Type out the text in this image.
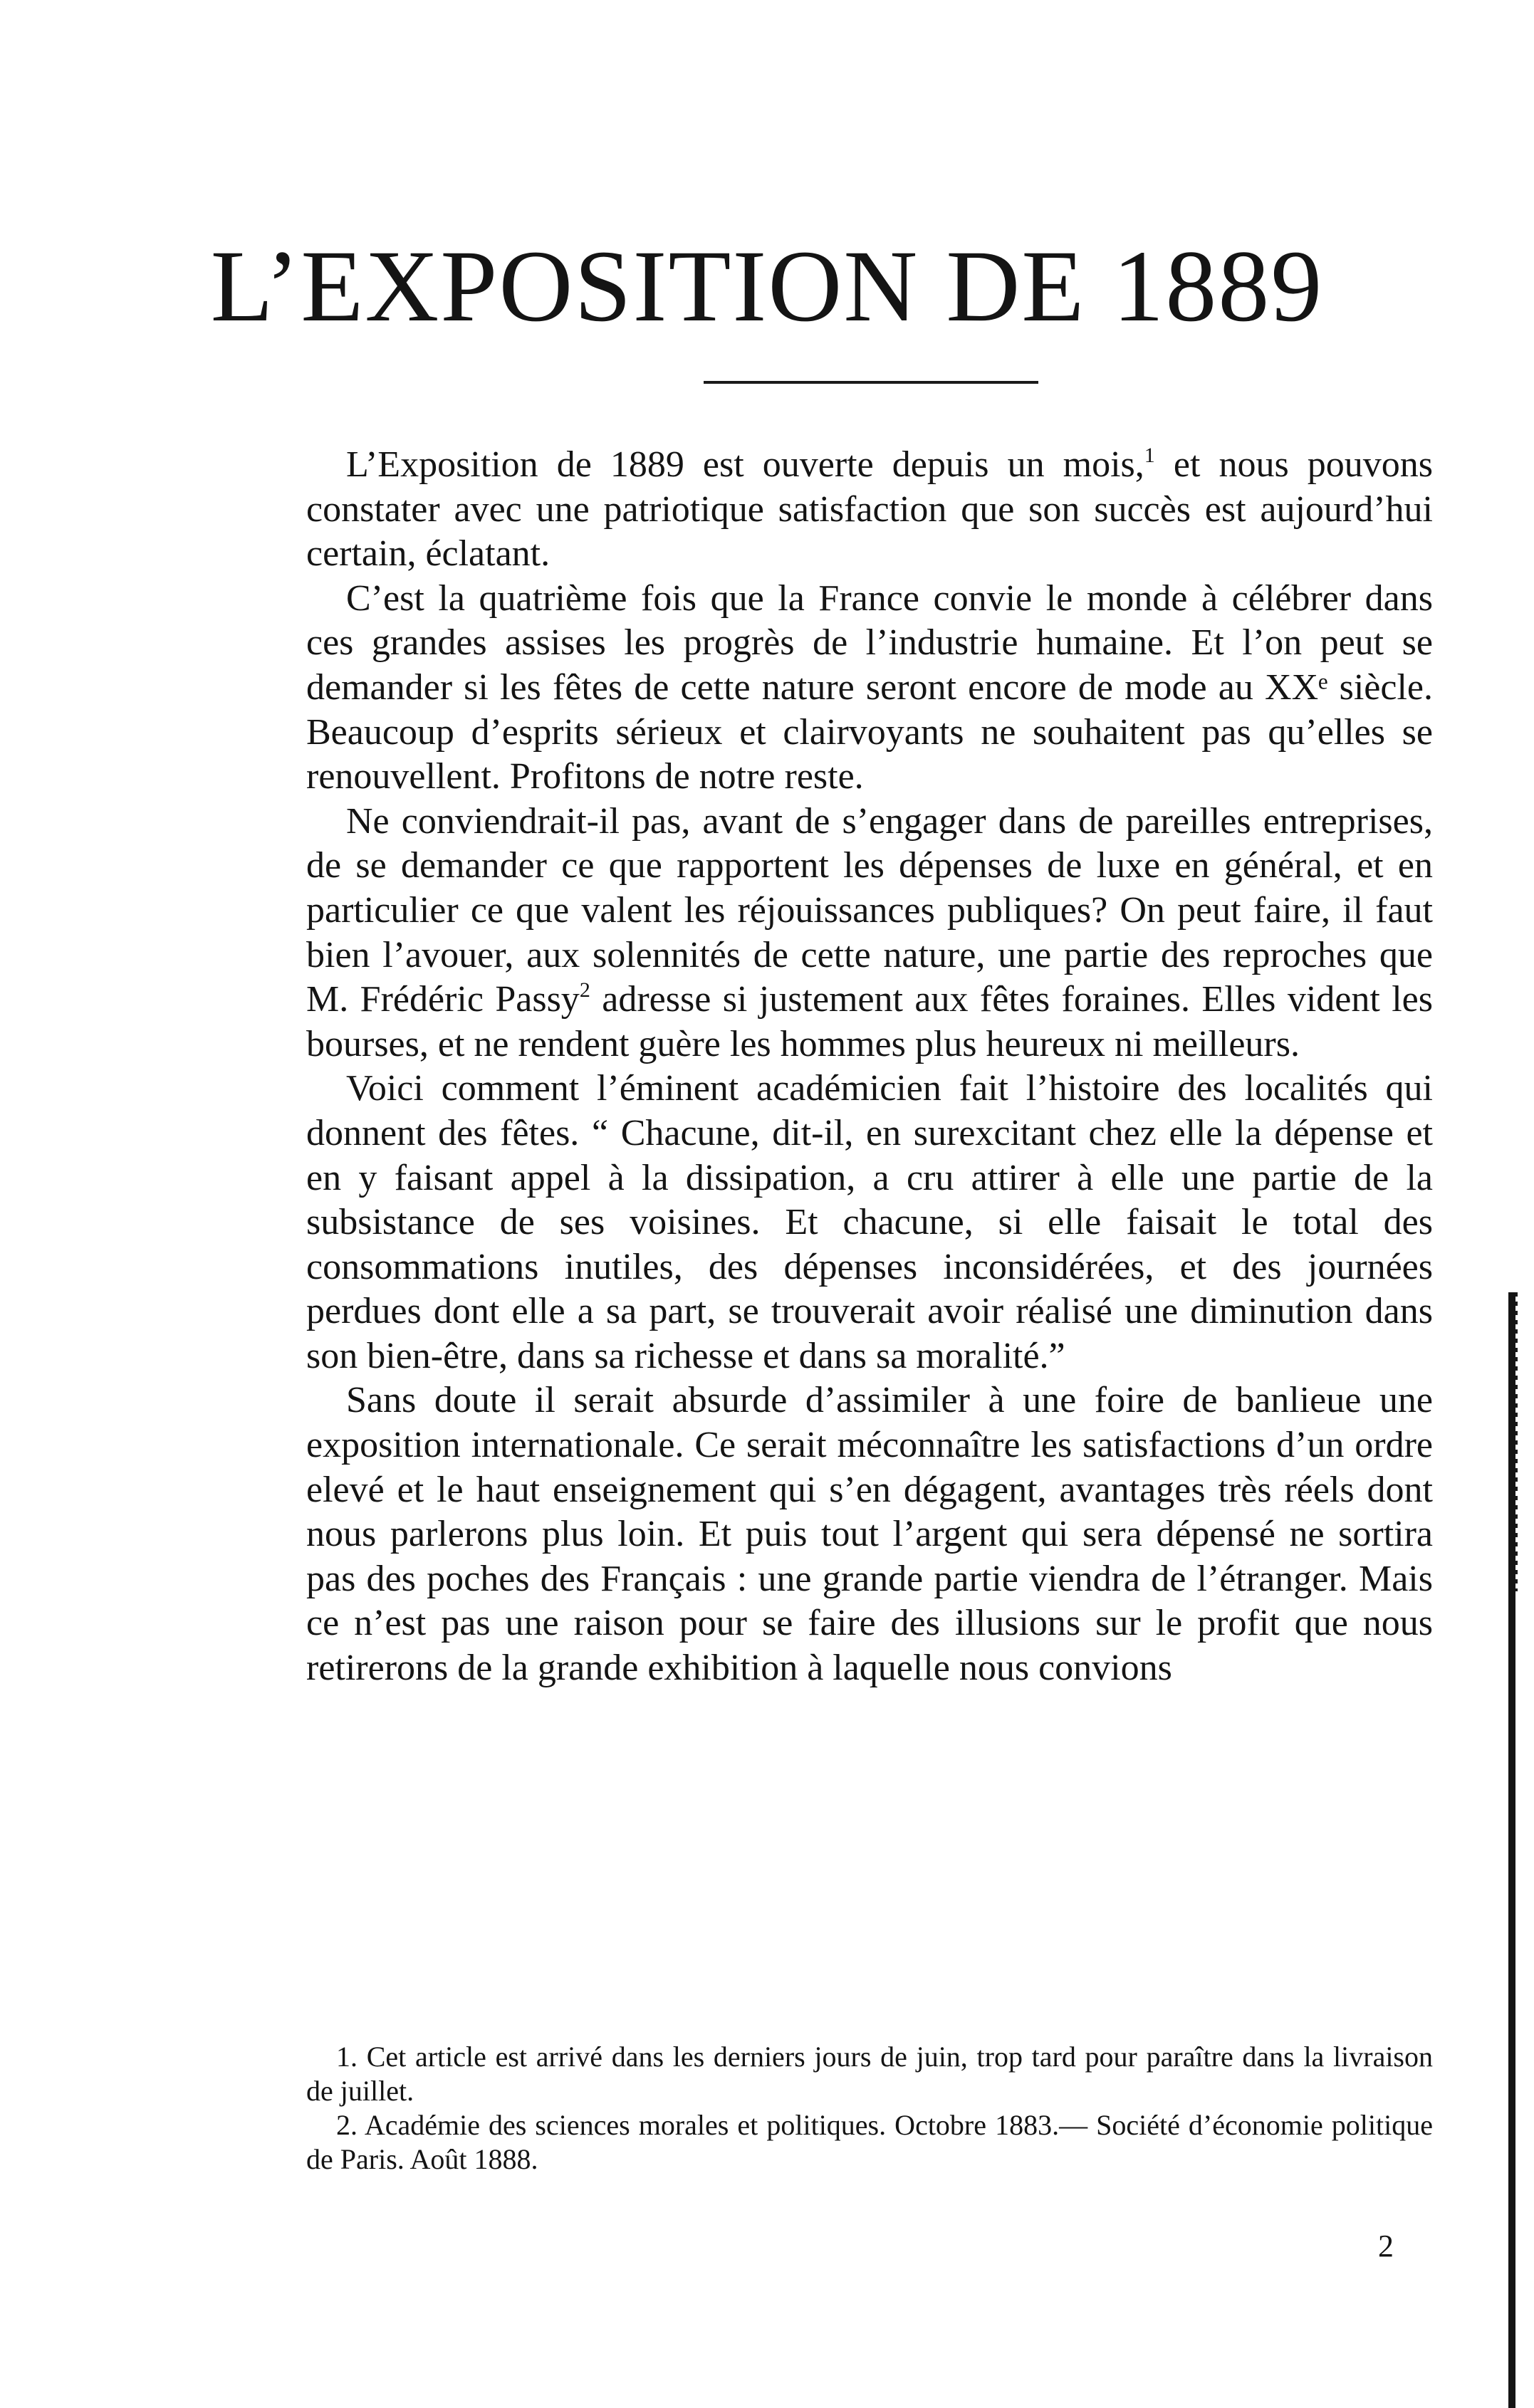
L’EXPOSITION DE 1889

L’Exposition de 1889 est ouverte depuis un mois,$^1$ et nous pouvons constater avec une patriotique satisfaction que son succès est aujourd’hui certain, éclatant.

C’est la quatrième fois que la France convie le monde à célébrer dans ces grandes assises les progrès de l’industrie humaine. Et l’on peut se demander si les fêtes de cette nature seront encore de mode au XXᵉ siècle. Beaucoup d’esprits sérieux et clairvoyants ne souhaitent pas qu’elles se renouvellent. Profitons de notre reste.

Ne conviendrait-il pas, avant de s’engager dans de pareilles entreprises, de se demander ce que rapportent les dépenses de luxe en général, et en particulier ce que valent les réjouissances publiques? On peut faire, il faut bien l’avouer, aux solennités de cette nature, une partie des reproches que M. Frédéric Passy$^2$ adresse si justement aux fêtes foraines. Elles vident les bourses, et ne rendent guère les hommes plus heureux ni meilleurs.

Voici comment l’éminent académicien fait l’histoire des localités qui donnent des fêtes. “ Chacune, dit-il, en surexcitant chez elle la dépense et en y faisant appel à la dissipation, a cru attirer à elle une partie de la subsistance de ses voisines. Et chacune, si elle faisait le total des consommations inutiles, des dépenses inconsidérées, et des journées perdues dont elle a sa part, se trouverait avoir réalisé une diminution dans son bien-être, dans sa richesse et dans sa moralité.”

Sans doute il serait absurde d’assimiler à une foire de banlieue une exposition internationale. Ce serait méconnaître les satisfactions d’un ordre elevé et le haut enseignement qui s’en dégagent, avantages très réels dont nous parlerons plus loin. Et puis tout l’argent qui sera dépensé ne sortira pas des poches des Français : une grande partie viendra de l’étranger. Mais ce n’est pas une raison pour se faire des illusions sur le profit que nous retirerons de la grande exhibition à laquelle nous convions

1. Cet article est arrivé dans les derniers jours de juin, trop tard pour paraître dans la livraison de juillet.

2. Académie des sciences morales et politiques. Octobre 1883.— Société d’économie politique de Paris. Août 1888.

2
